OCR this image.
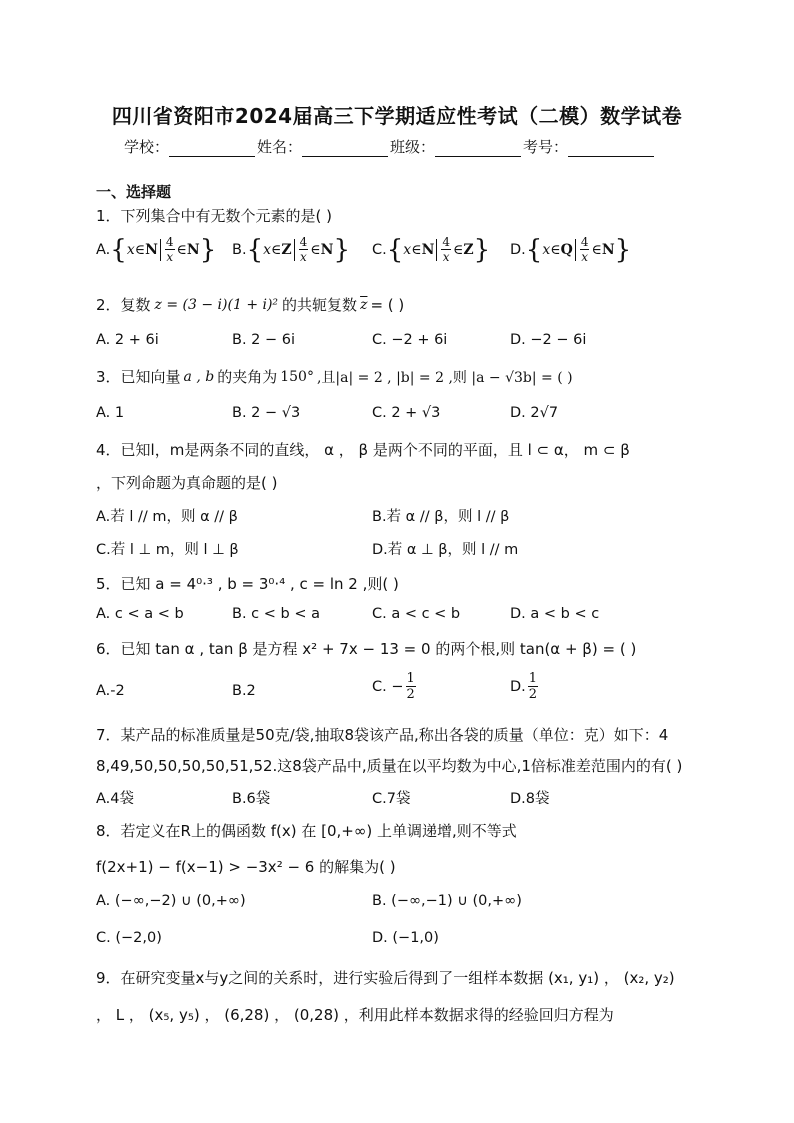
四川省资阳市2024届高三下学期适应性考试（二模）数学试卷
学校：	姓名：	班级：	考号：
一、选择题
1．下列集合中有无数个元素的是( )
A. { x ∈N $\frac{4}{x}$ ∈N } B. { x ∈Z $\frac{4}{x}$ ∈N } C. { x ∈N $\frac{4}{x}$ ∈Z } D. { x ∈Q $\frac{4}{x}$ ∈N }
2．复数 z = (3 − i)(1 + i)² 的共轭复数 $\overline{z}$ = ( )
A. 2 + 6i	B. 2 − 6i	C. −2 + 6i	D. −2 − 6i
3．已知向量 a , b 的夹角为 150° ,且|a| = 2 , |b| = 2 ,则 |a − √3b| = ( )
A. 1	B. 2 − √3	C. 2 + √3	D. 2√7
4．已知l，m是两条不同的直线， α ， β 是两个不同的平面，且 l ⊂ α， m ⊂ β
，下列命题为真命题的是( )
A.若 l // m，则 α // β	B.若 α // β，则 l // β
C.若 l ⊥ m，则 l ⊥ β	D.若 α ⊥ β，则 l // m
5．已知 a = 4⁰·³ , b = 3⁰·⁴ , c = ln 2 ,则( )
A. c < a < b	B. c < b < a	C. a < c < b	D. a < b < c
6．已知 tan α , tan β 是方程 x² + 7x − 13 = 0 的两个根,则 tan(α + β) = ( )
A.-2	B.2	C. − $\frac{1}{2}$	D. $\frac{1}{2}$
7．某产品的标准质量是50克/袋,抽取8袋该产品,称出各袋的质量（单位：克）如下：4
8,49,50,50,50,50,51,52.这8袋产品中,质量在以平均数为中心,1倍标准差范围内的有( )
A.4袋	B.6袋	C.7袋	D.8袋
8．若定义在R上的偶函数 f(x) 在 [0,+∞) 上单调递增,则不等式
f(2x+1) − f(x−1) > −3x² − 6 的解集为( )
A. (−∞,−2) ∪ (0,+∞)	B. (−∞,−1) ∪ (0,+∞)
C. (−2,0)	D. (−1,0)
9．在研究变量x与y之间的关系时，进行实验后得到了一组样本数据 (x₁, y₁) ， (x₂, y₂)
， L ， (x₅, y₅) ， (6,28) ， (0,28) ，利用此样本数据求得的经验回归方程为
